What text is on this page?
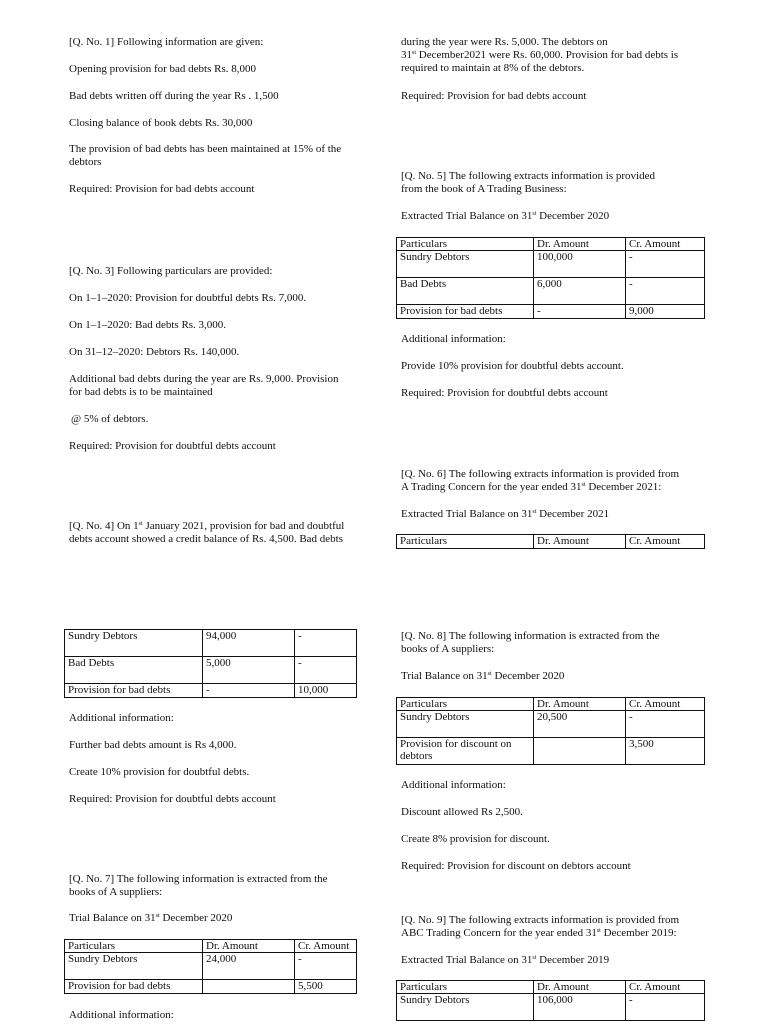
[Q. No. 1] Following information are given:

Opening provision for bad debts Rs. 8,000

Bad debts written off during the year Rs . 1,500

Closing balance of book debts Rs. 30,000

The provision of bad debts has been maintained at 15% of the

debtors

Required: Provision for bad debts account

[Q. No. 3] Following particulars are provided:

On 1–1–2020: Provision for doubtful debts Rs. 7,000.

On 1–1–2020: Bad debts Rs. 3,000.

On 31–12–2020: Debtors Rs. 140,000.

Additional bad debts during the year are Rs. 9,000. Provision

for bad debts is to be maintained

@ 5% of debtors.

Required: Provision for doubtful debts account

[Q. No. 4] On 1st January 2021, provision for bad and doubtful

debts account showed a credit balance of Rs. 4,500. Bad debts

Sundry Debtors	94,000	-
Bad Debts	5,000	-
Provision for bad debts	-	10,000

Additional information:

Further bad debts amount is Rs 4,000.

Create 10% provision for doubtful debts.

Required: Provision for doubtful debts account

[Q. No. 7] The following information is extracted from the

books of A suppliers:

Trial Balance on 31st December 2020

Particulars	Dr. Amount	Cr. Amount
Sundry Debtors	24,000	-
Provision for bad debts		5,500

Additional information:

during the year were Rs. 5,000. The debtors on

31st December2021 were Rs. 60,000. Provision for bad debts is

required to maintain at 8% of the debtors.

Required: Provision for bad debts account

[Q. No. 5] The following extracts information is provided

from the book of A Trading Business:

Extracted Trial Balance on 31st December 2020

Particulars	Dr. Amount	Cr. Amount
Sundry Debtors	100,000	-
Bad Debts	6,000	-
Provision for bad debts	-	9,000

Additional information:

Provide 10% provision for doubtful debts account.

Required: Provision for doubtful debts account

[Q. No. 6] The following extracts information is provided from

A Trading Concern for the year ended 31st December 2021:

Extracted Trial Balance on 31st December 2021

Particulars	Dr. Amount	Cr. Amount

[Q. No. 8] The following information is extracted from the

books of A suppliers:

Trial Balance on 31st December 2020

Particulars	Dr. Amount	Cr. Amount
Sundry Debtors	20,500	-
Provision for discount on debtors		3,500

Additional information:

Discount allowed Rs 2,500.

Create 8% provision for discount.

Required: Provision for discount on debtors account

[Q. No. 9] The following extracts information is provided from

ABC Trading Concern for the year ended 31st December 2019:

Extracted Trial Balance on 31st December 2019

Particulars	Dr. Amount	Cr. Amount
Sundry Debtors	106,000	-
